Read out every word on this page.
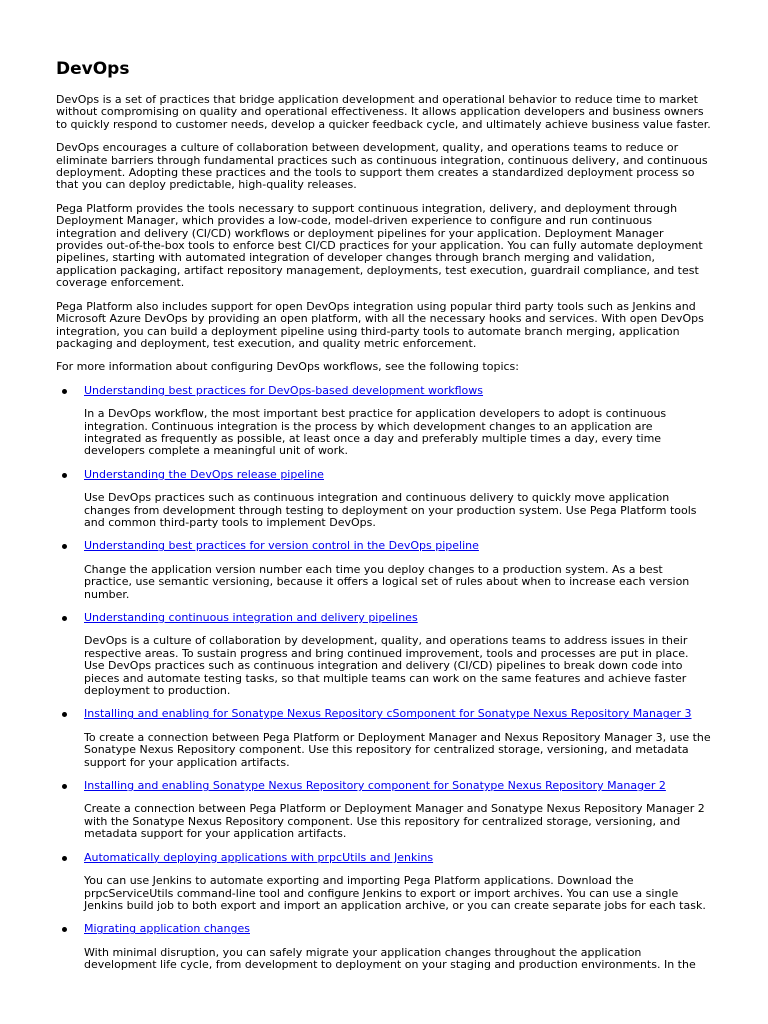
DevOps

DevOps is a set of practices that bridge application development and operational behavior to reduce time to market without compromising on quality and operational effectiveness. It allows application developers and business owners to quickly respond to customer needs, develop a quicker feedback cycle, and ultimately achieve business value faster.

DevOps encourages a culture of collaboration between development, quality, and operations teams to reduce or eliminate barriers through fundamental practices such as continuous integration, continuous delivery, and continuous deployment. Adopting these practices and the tools to support them creates a standardized deployment process so that you can deploy predictable, high-quality releases.

Pega Platform provides the tools necessary to support continuous integration, delivery, and deployment through Deployment Manager, which provides a low-code, model-driven experience to configure and run continuous integration and delivery (CI/CD) workflows or deployment pipelines for your application. Deployment Manager provides out-of-the-box tools to enforce best CI/CD practices for your application. You can fully automate deployment pipelines, starting with automated integration of developer changes through branch merging and validation, application packaging, artifact repository management, deployments, test execution, guardrail compliance, and test coverage enforcement.

Pega Platform also includes support for open DevOps integration using popular third party tools such as Jenkins and Microsoft Azure DevOps by providing an open platform, with all the necessary hooks and services. With open DevOps integration, you can build a deployment pipeline using third-party tools to automate branch merging, application packaging and deployment, test execution, and quality metric enforcement.

For more information about configuring DevOps workflows, see the following topics:

Understanding best practices for DevOps-based development workflows
In a DevOps workflow, the most important best practice for application developers to adopt is continuous integration. Continuous integration is the process by which development changes to an application are integrated as frequently as possible, at least once a day and preferably multiple times a day, every time developers complete a meaningful unit of work.
Understanding the DevOps release pipeline
Use DevOps practices such as continuous integration and continuous delivery to quickly move application changes from development through testing to deployment on your production system. Use Pega Platform tools and common third-party tools to implement DevOps.
Understanding best practices for version control in the DevOps pipeline
Change the application version number each time you deploy changes to a production system. As a best practice, use semantic versioning, because it offers a logical set of rules about when to increase each version number.
Understanding continuous integration and delivery pipelines
DevOps is a culture of collaboration by development, quality, and operations teams to address issues in their respective areas. To sustain progress and bring continued improvement, tools and processes are put in place. Use DevOps practices such as continuous integration and delivery (CI/CD) pipelines to break down code into pieces and automate testing tasks, so that multiple teams can work on the same features and achieve faster deployment to production.
Installing and enabling for Sonatype Nexus Repository cSomponent for Sonatype Nexus Repository Manager 3
To create a connection between Pega Platform or Deployment Manager and Nexus Repository Manager 3, use the Sonatype Nexus Repository component. Use this repository for centralized storage, versioning, and metadata support for your application artifacts.
Installing and enabling Sonatype Nexus Repository component for Sonatype Nexus Repository Manager 2
Create a connection between Pega Platform or Deployment Manager and Sonatype Nexus Repository Manager 2 with the Sonatype Nexus Repository component. Use this repository for centralized storage, versioning, and metadata support for your application artifacts.
Automatically deploying applications with prpcUtils and Jenkins
You can use Jenkins to automate exporting and importing Pega Platform applications. Download the prpcServiceUtils command-line tool and configure Jenkins to export or import archives. You can use a single Jenkins build job to both export and import an application archive, or you can create separate jobs for each task.
Migrating application changes
With minimal disruption, you can safely migrate your application changes throughout the application development life cycle, from development to deployment on your staging and production environments. In the
